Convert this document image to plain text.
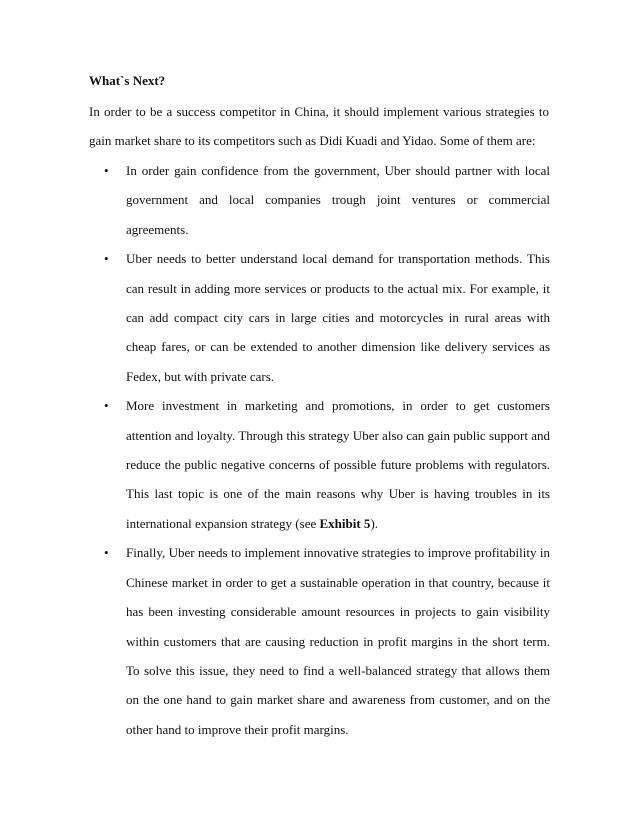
What`s Next?
In order to be a success competitor in China, it should implement various strategies to gain market share to its competitors such as Didi Kuadi and Yidao. Some of them are:
• In order gain confidence from the government, Uber should partner with local government and local companies trough joint ventures or commercial agreements.
• Uber needs to better understand local demand for transportation methods. This can result in adding more services or products to the actual mix. For example, it can add compact city cars in large cities and motorcycles in rural areas with cheap fares, or can be extended to another dimension like delivery services as Fedex, but with private cars.
• More investment in marketing and promotions, in order to get customers attention and loyalty. Through this strategy Uber also can gain public support and reduce the public negative concerns of possible future problems with regulators. This last topic is one of the main reasons why Uber is having troubles in its international expansion strategy (see Exhibit 5).
• Finally, Uber needs to implement innovative strategies to improve profitability in Chinese market in order to get a sustainable operation in that country, because it has been investing considerable amount resources in projects to gain visibility within customers that are causing reduction in profit margins in the short term. To solve this issue, they need to find a well-balanced strategy that allows them on the one hand to gain market share and awareness from customer, and on the other hand to improve their profit margins.
